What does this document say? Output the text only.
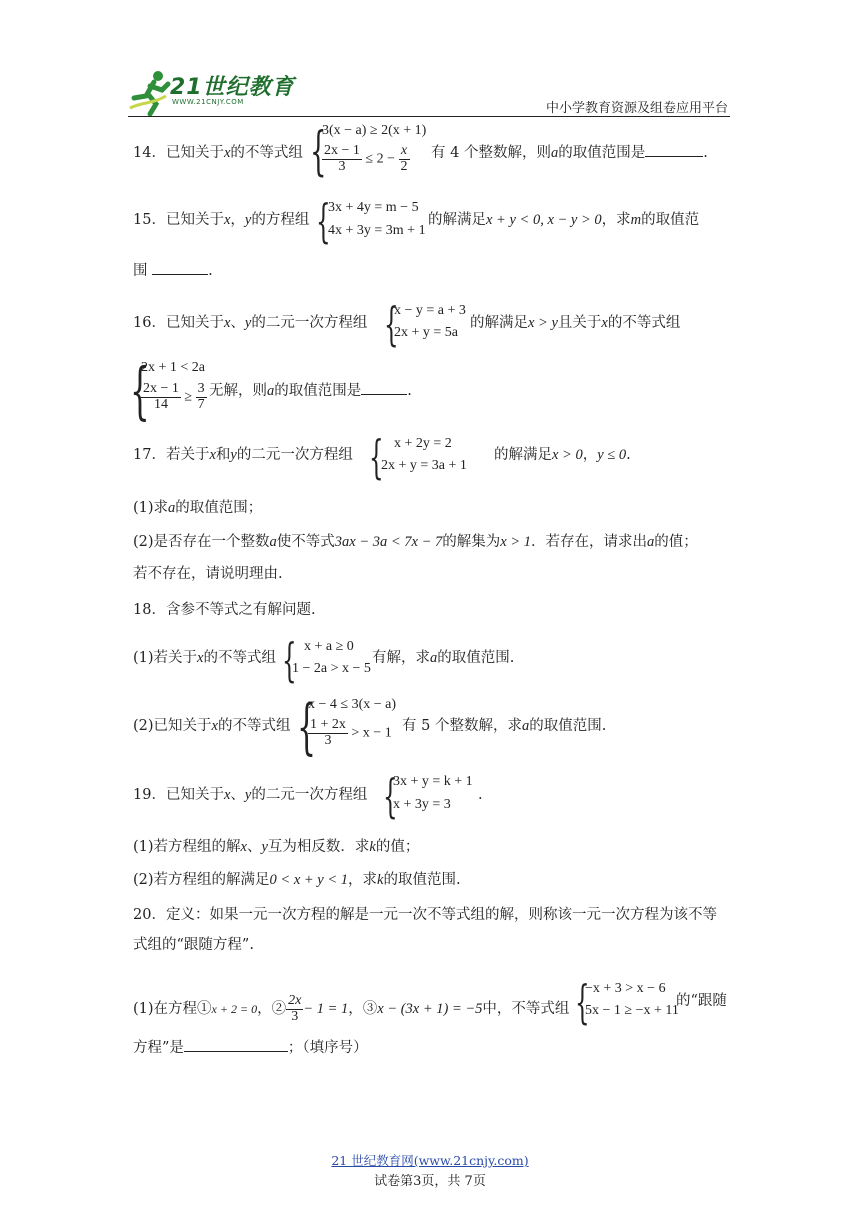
21世纪教育
WWW.21CNJY.COM	中小学教育资源及组卷应用平台
14．已知关于x的不等式组 {
3(x − a) ≥ 2(x + 1)
$\frac{2x - 1}{3} \le 2 - \frac{x}{2}$ 有 4 个整数解，则a的取值范围是	.
15．已知关于x，y的方程组 {
3x + 4y = m − 5
4x + 3y = 3m + 1
的解满足x + y < 0, x − y > 0，求m的取值范
围	.
16．已知关于x、y的二元一次方程组 {
x − y = a + 3
2x + y = 5a
的解满足x > y且关于x的不等式组
{
2x + 1 < 2a
$\frac{2x - 1}{14} \ge \frac{3}{7}$ 无解，则a的取值范围是	.
17．若关于x和y的二元一次方程组 { x + 2y = 2
2x + y = 3a + 1
的解满足x > 0，y ≤ 0.
(1)求a的取值范围；
(2)是否存在一个整数a使不等式3ax − 3a < 7x − 7的解集为x > 1．若存在，请求出a的值；
若不存在，请说明理由.
18．含参不等式之有解问题.
(1)若关于x的不等式组 { x + a ≥ 0
1 − 2a > x − 5
有解，求a的取值范围.
(2)已知关于x的不等式组 {
x − 4 ≤ 3(x − a)
$\frac{1 + 2x}{3} > x - 1$ 有 5 个整数解，求a的取值范围.
19．已知关于x、y的二元一次方程组 {
3x + y = k + 1
x + 3y = 3
.
(1)若方程组的解x、y互为相反数．求k的值；
(2)若方程组的解满足0 < x + y < 1，求k的取值范围.
20．定义：如果一元一次方程的解是一元一次不等式组的解，则称该一元一次方程为该不等
式组的“跟随方程”.
(1)在方程①x + 2 = 0，② $\frac{2x}{3} - 1 = 1$，③x − (3x + 1) = −5中，不等式组 {
−x + 3 > x − 6
5x − 1 ≥ −x + 11
的“跟随
方程”是	；（填序号）
21 世纪教育网(www.21cnjy.com)
试卷第3页，共 7页
